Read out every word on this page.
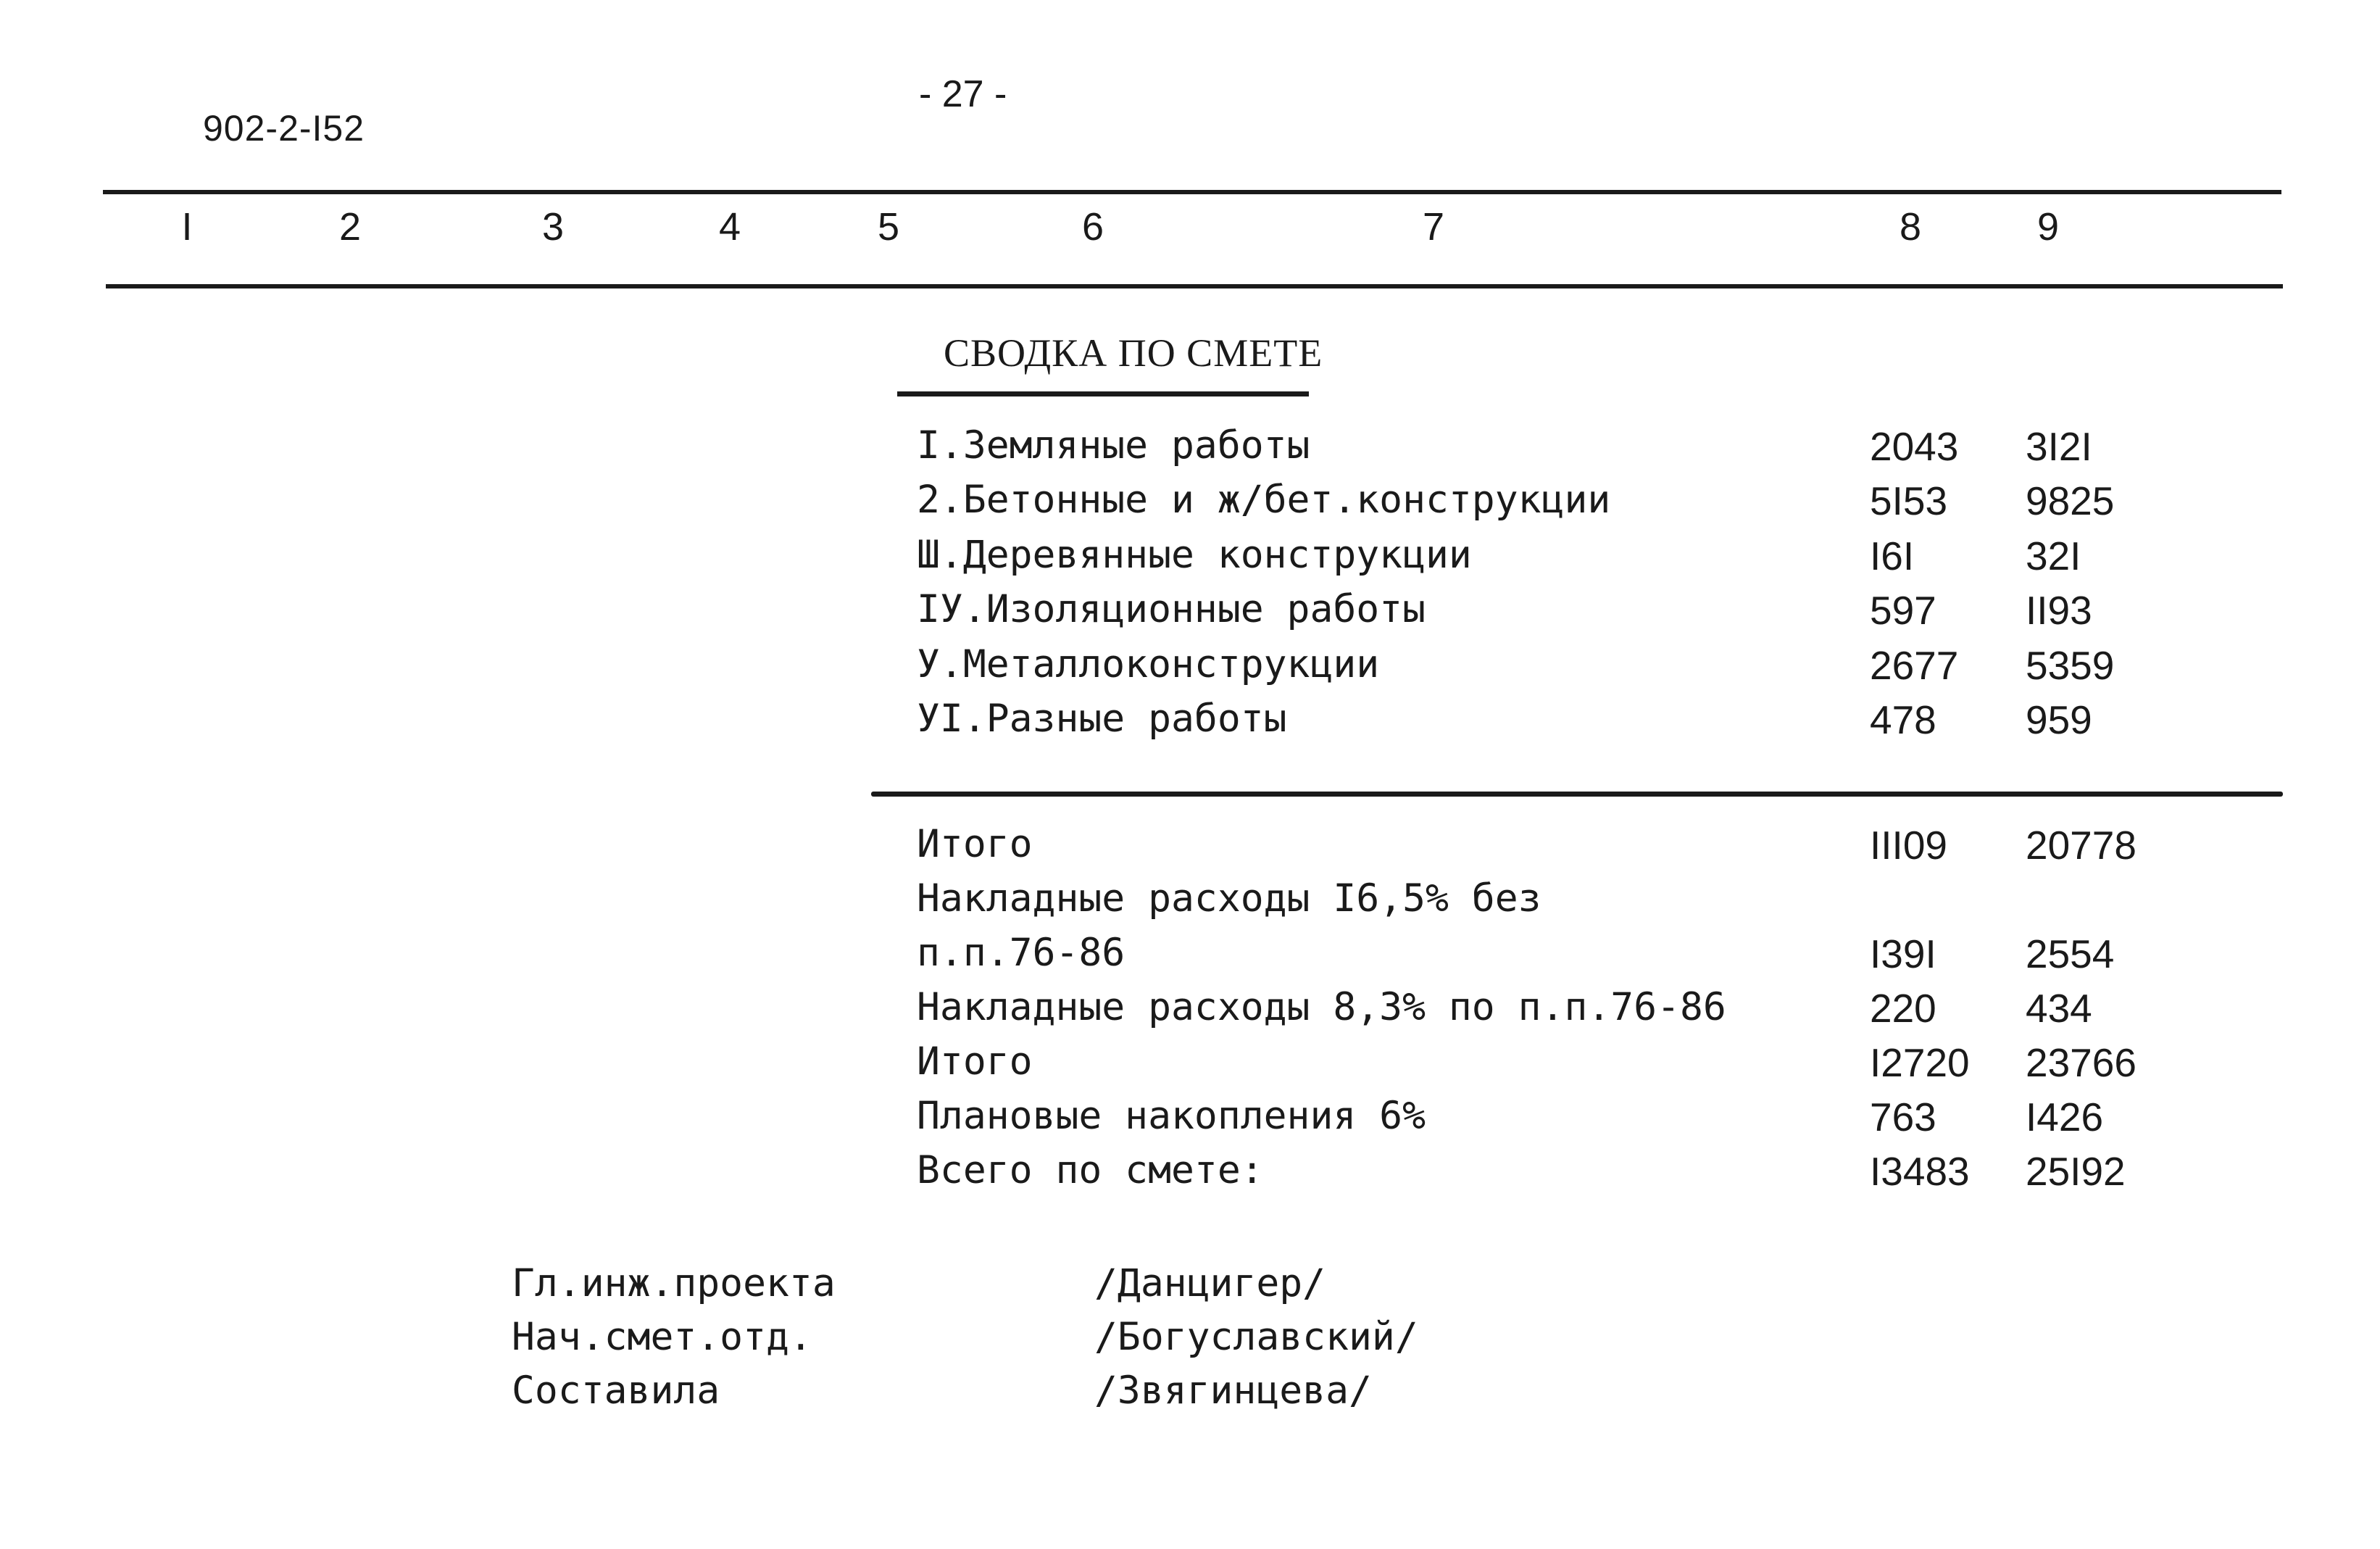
902-2-I52
- 27 -
I	2	3	4	5	6	7	8	9
СВОДКА ПО СМЕТЕ
I.Земляные работы	2043 3I2I
2.Бетонные и ж/бет.конструкции	5I53 9825
Ш.Деревянные конструкции	I6I	32I
IУ.Изоляционные работы	597 II93
У.Металлоконструкции	2677 5359
УI.Разные работы	478 959
Итого	III09 20778
Накладные расходы I6,5% без
п.п.76-86	I39I 2554
Накладные расходы 8,3% по п.п.76-86	220 434
Итого	I2720 23766
Плановые накопления 6%	763 I426
Всего по смете:	I3483 25I92
Гл.инж.проекта	/Данцигер/
Нач.смет.отд.	/Богуславский/
Составила	/Звягинцева/
